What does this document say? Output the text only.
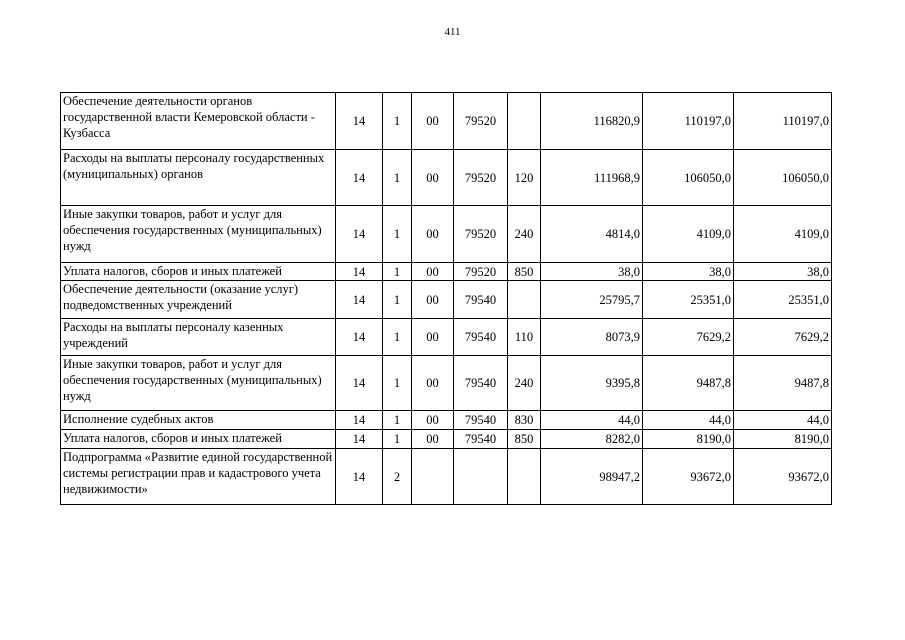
411
Обеспечение деятельности органов государственной власти Кемеровской области - Кузбасса	14	1	00	79520		116820,9	110197,0	110197,0
Расходы на выплаты персоналу государственных (муниципальных) органов	14	1	00	79520	120	111968,9	106050,0	106050,0
Иные закупки товаров, работ и услуг для обеспечения государственных (муниципальных) нужд	14	1	00	79520	240	4814,0	4109,0	4109,0
Уплата налогов, сборов и иных платежей	14	1	00	79520	850	38,0	38,0	38,0
Обеспечение деятельности (оказание услуг) подведомственных учреждений	14	1	00	79540		25795,7	25351,0	25351,0
Расходы на выплаты персоналу казенных учреждений	14	1	00	79540	110	8073,9	7629,2	7629,2
Иные закупки товаров, работ и услуг для обеспечения государственных (муниципальных) нужд	14	1	00	79540	240	9395,8	9487,8	9487,8
Исполнение судебных актов	14	1	00	79540	830	44,0	44,0	44,0
Уплата налогов, сборов и иных платежей	14	1	00	79540	850	8282,0	8190,0	8190,0
Подпрограмма «Развитие единой государственной системы регистрации прав и кадастрового учета недвижимости»	14	2				98947,2	93672,0	93672,0
